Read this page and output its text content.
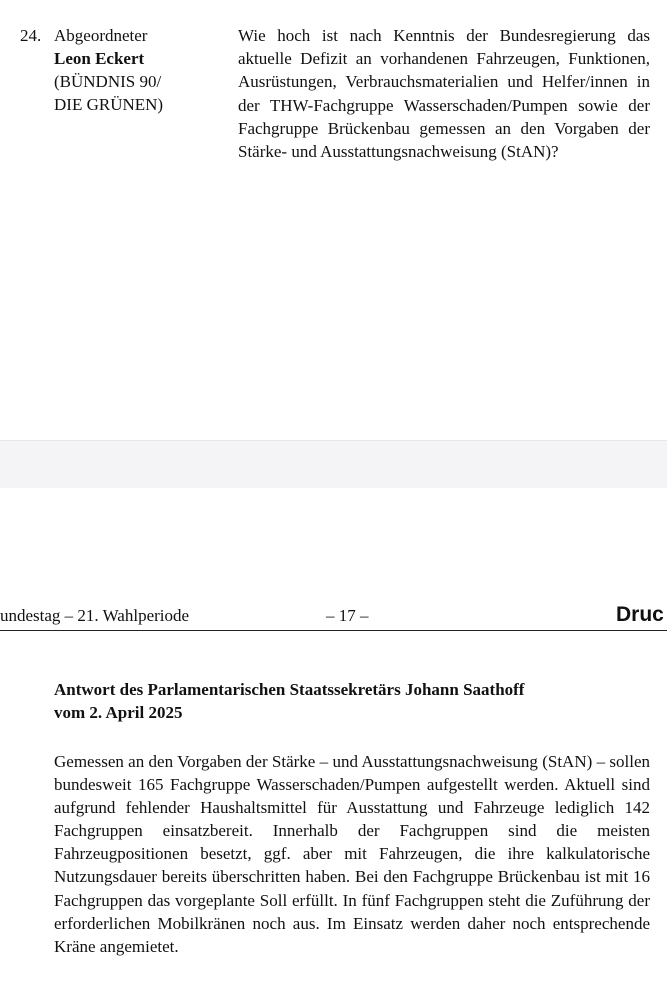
24. Abgeordneter
Leon Eckert
(BÜNDNIS 90/
DIE GRÜNEN)
Wie hoch ist nach Kenntnis der Bundesregierung das aktuelle Defizit an vorhandenen Fahrzeugen, Funktionen, Ausrüstungen, Verbrauchsmaterialien und Helfer/innen in der THW-Fachgruppe Wasserschaden/Pumpen sowie der Fachgruppe Brückenbau gemessen an den Vorgaben der Stärke- und Ausstattungsnachweisung (StAN)?
undestag – 21. Wahlperiode	– 17 –	Druc
Antwort des Parlamentarischen Staatssekretärs Johann Saathoff
vom 2. April 2025
Gemessen an den Vorgaben der Stärke – und Ausstattungsnachweisung (StAN) – sollen bundesweit 165 Fachgruppe Wasserschaden/Pumpen aufgestellt werden. Aktuell sind aufgrund fehlender Haushaltsmittel für Ausstattung und Fahrzeuge lediglich 142 Fachgruppen einsatzbereit. Innerhalb der Fachgruppen sind die meisten Fahrzeugpositionen besetzt, ggf. aber mit Fahrzeugen, die ihre kalkulatorische Nutzungsdauer bereits überschritten haben. Bei den Fachgruppe Brückenbau ist mit 16 Fachgruppen das vorgeplante Soll erfüllt. In fünf Fachgruppen steht die Zuführung der erforderlichen Mobilkränen noch aus. Im Einsatz werden daher noch entsprechende Kräne angemietet.
